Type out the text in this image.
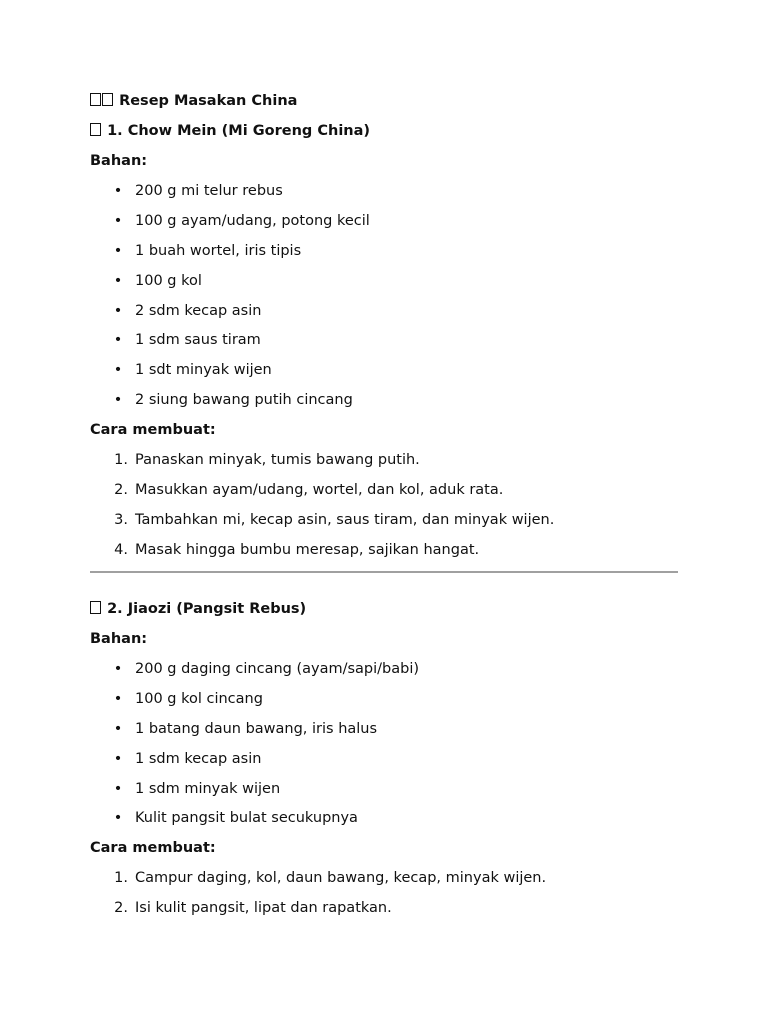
Resep Masakan China
1. Chow Mein (Mi Goreng China)
Bahan:
• 200 g mi telur rebus
• 100 g ayam/udang, potong kecil
• 1 buah wortel, iris tipis
• 100 g kol
• 2 sdm kecap asin
• 1 sdm saus tiram
• 1 sdt minyak wijen
• 2 siung bawang putih cincang
Cara membuat:
1. Panaskan minyak, tumis bawang putih.
2. Masukkan ayam/udang, wortel, dan kol, aduk rata.
3. Tambahkan mi, kecap asin, saus tiram, dan minyak wijen.
4. Masak hingga bumbu meresap, sajikan hangat.
2. Jiaozi (Pangsit Rebus)
Bahan:
• 200 g daging cincang (ayam/sapi/babi)
• 100 g kol cincang
• 1 batang daun bawang, iris halus
• 1 sdm kecap asin
• 1 sdm minyak wijen
• Kulit pangsit bulat secukupnya
Cara membuat:
1. Campur daging, kol, daun bawang, kecap, minyak wijen.
2. Isi kulit pangsit, lipat dan rapatkan.
